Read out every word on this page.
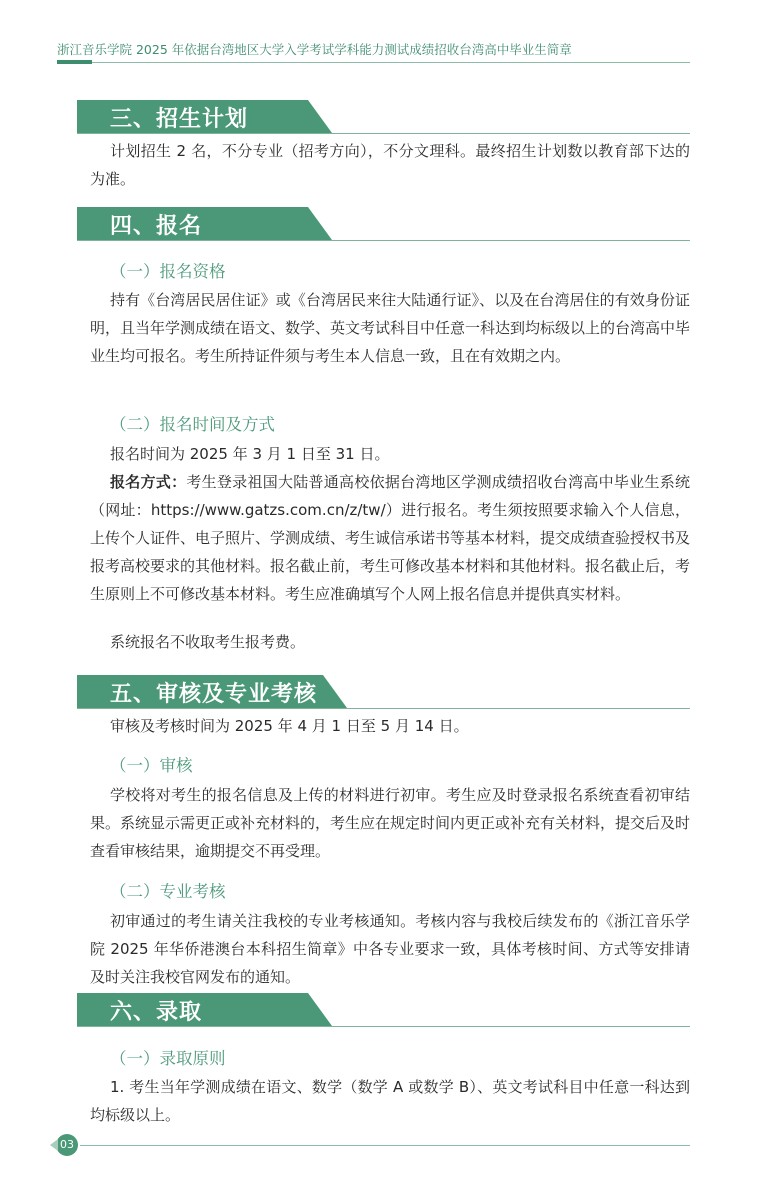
浙江音乐学院 2025 年依据台湾地区大学入学考试学科能力测试成绩招收台湾高中毕业生简章
三、招生计划
计划招生 2 名，不分专业（招考方向），不分文理科。最终招生计划数以教育部下达的为准。
四、报名
（一）报名资格
持有《台湾居民居住证》或《台湾居民来往大陆通行证》、以及在台湾居住的有效身份证明，且当年学测成绩在语文、数学、英文考试科目中任意一科达到均标级以上的台湾高中毕业生均可报名。考生所持证件须与考生本人信息一致，且在有效期之内。
（二）报名时间及方式
报名时间为 2025 年 3 月 1 日至 31 日。
报名方式：考生登录祖国大陆普通高校依据台湾地区学测成绩招收台湾高中毕业生系统（网址：https://www.gatzs.com.cn/z/tw/）进行报名。考生须按照要求输入个人信息，上传个人证件、电子照片、学测成绩、考生诚信承诺书等基本材料，提交成绩查验授权书及报考高校要求的其他材料。报名截止前，考生可修改基本材料和其他材料。报名截止后，考生原则上不可修改基本材料。考生应准确填写个人网上报名信息并提供真实材料。
系统报名不收取考生报考费。
五、审核及专业考核
审核及考核时间为 2025 年 4 月 1 日至 5 月 14 日。
（一）审核
学校将对考生的报名信息及上传的材料进行初审。考生应及时登录报名系统查看初审结果。系统显示需更正或补充材料的，考生应在规定时间内更正或补充有关材料，提交后及时查看审核结果，逾期提交不再受理。
（二）专业考核
初审通过的考生请关注我校的专业考核通知。考核内容与我校后续发布的《浙江音乐学院 2025 年华侨港澳台本科招生简章》中各专业要求一致，具体考核时间、方式等安排请及时关注我校官网发布的通知。
六、录取
（一）录取原则
1. 考生当年学测成绩在语文、数学（数学 A 或数学 B）、英文考试科目中任意一科达到均标级以上。
03
